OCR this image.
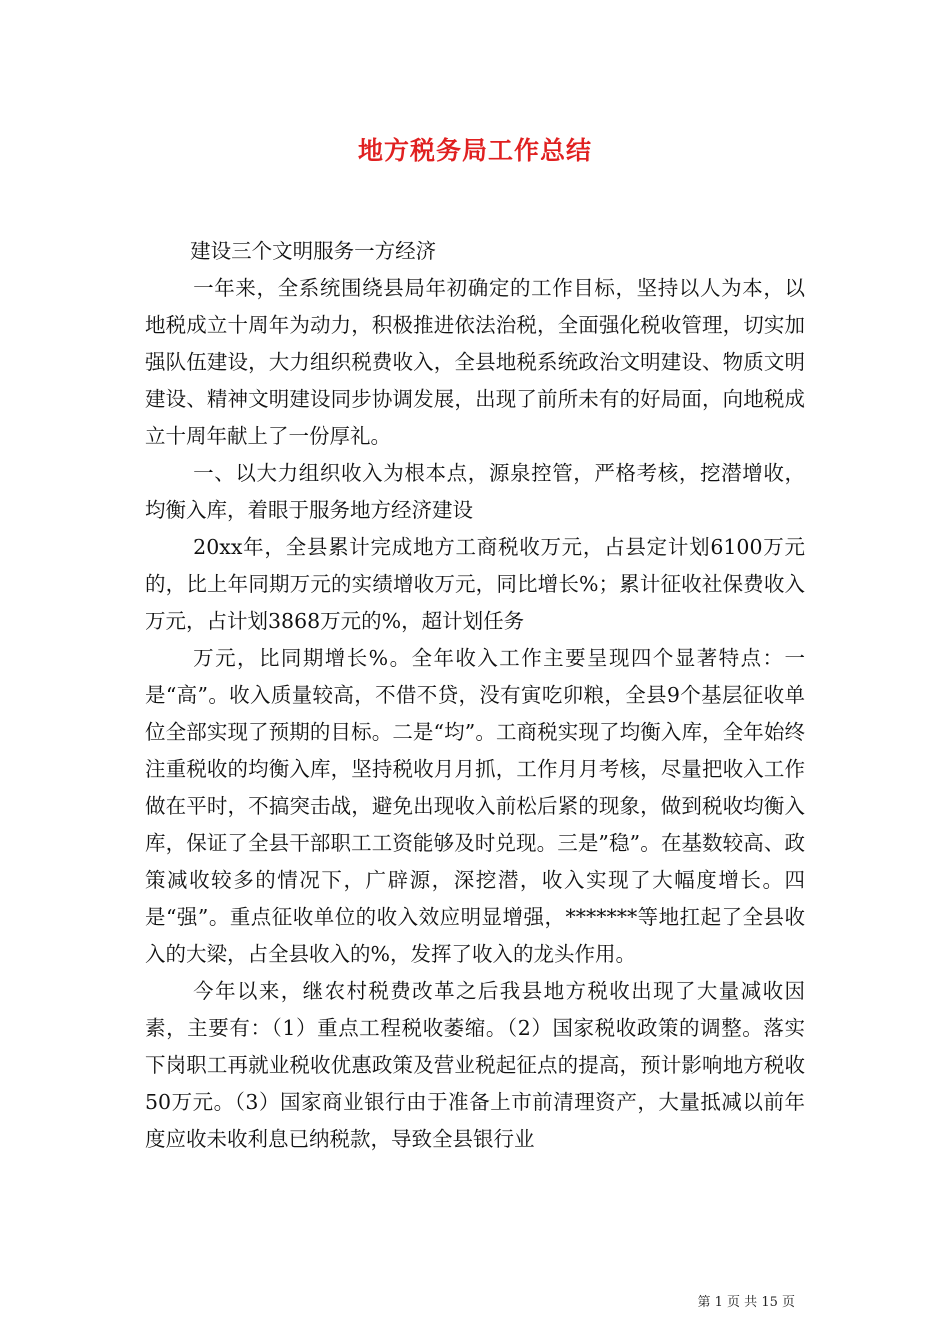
地方税务局工作总结

建设三个文明服务一方经济

一年来，全系统围绕县局年初确定的工作目标，坚持以人为本，以地税成立十周年为动力，积极推进依法治税，全面强化税收管理，切实加强队伍建设，大力组织税费收入，全县地税系统政治文明建设、物质文明建设、精神文明建设同步协调发展，出现了前所未有的好局面，向地税成立十周年献上了一份厚礼。

一、以大力组织收入为根本点，源泉控管，严格考核，挖潜增收，均衡入库，着眼于服务地方经济建设

20xx年，全县累计完成地方工商税收万元，占县定计划6100万元的，比上年同期万元的实绩增收万元，同比增长%；累计征收社保费收入万元，占计划3868万元的%，超计划任务

万元，比同期增长%。全年收入工作主要呈现四个显著特点：一是“高”。收入质量较高，不借不贷，没有寅吃卯粮，全县9个基层征收单位全部实现了预期的目标。二是“均”。工商税实现了均衡入库，全年始终注重税收的均衡入库，坚持税收月月抓，工作月月考核，尽量把收入工作做在平时，不搞突击战，避免出现收入前松后紧的现象，做到税收均衡入库，保证了全县干部职工工资能够及时兑现。三是”稳”。在基数较高、政策减收较多的情况下，广辟源，深挖潜，收入实现了大幅度增长。四是“强”。重点征收单位的收入效应明显增强，*******等地扛起了全县收入的大梁，占全县收入的%，发挥了收入的龙头作用。

今年以来，继农村税费改革之后我县地方税收出现了大量减收因素，主要有：（1）重点工程税收萎缩。（2）国家税收政策的调整。落实下岗职工再就业税收优惠政策及营业税起征点的提高，预计影响地方税收50万元。（3）国家商业银行由于准备上市前清理资产，大量抵减以前年度应收未收利息已纳税款，导致全县银行业

第 1 页 共 15 页
